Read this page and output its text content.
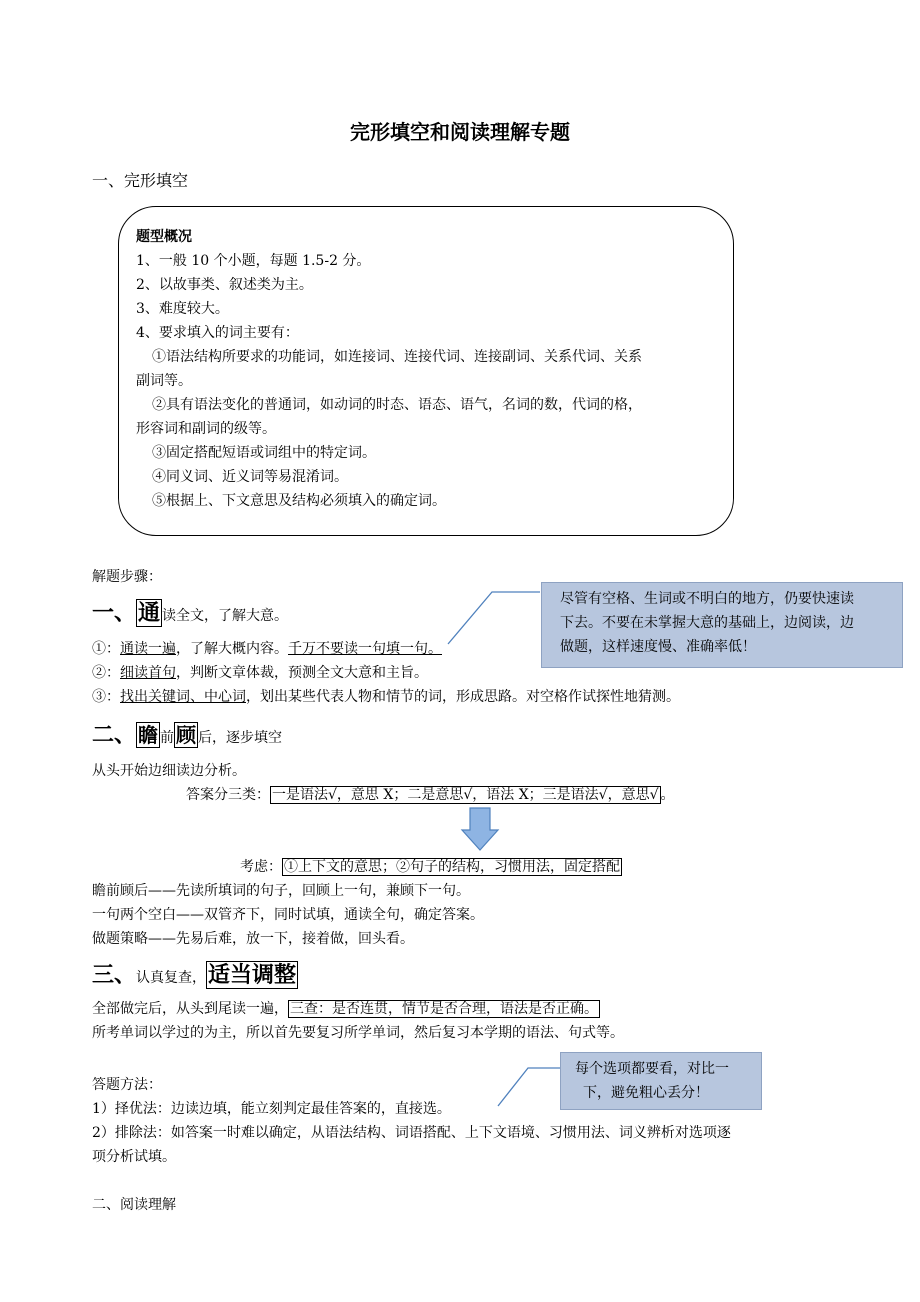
完形填空和阅读理解专题
一、完形填空
题型概况
1、一般 10 个小题，每题 1.5-2 分。
2、以故事类、叙述类为主。
3、难度较大。
4、要求填入的词主要有：
①语法结构所要求的功能词，如连接词、连接代词、连接副词、关系代词、关系
副词等。
②具有语法变化的普通词，如动词的时态、语态、语气，名词的数，代词的格，
形容词和副词的级等。
③固定搭配短语或词组中的特定词。
④同义词、近义词等易混淆词。
⑤根据上、下文意思及结构必须填入的确定词。
解题步骤：
一、通 读全文，了解大意。
①：通读一遍，了解大概内容。千万不要读一句填一句。
②：细读首句，判断文章体裁，预测全文大意和主旨。
③：找出关键词、中心词，划出某些代表人物和情节的词，形成思路。对空格作试探性地猜测。
尽管有空格、生词或不明白的地方，仍要快速读
下去。不要在未掌握大意的基础上，边阅读，边
做题，这样速度慢、准确率低！
二、 瞻 前 顾 后，逐步填空
从头开始边细读边分析。
答案分三类： 一是语法√，意思 X；二是意思√，语法 X；三是语法√，意思√ 。
考虑： ①上下文的意思；②句子的结构，习惯用法，固定搭配
瞻前顾后——先读所填词的句子，回顾上一句，兼顾下一句。
一句两个空白——双管齐下，同时试填，通读全句，确定答案。
做题策略——先易后难，放一下，接着做，回头看。
三、认真复查，适当调整
全部做完后，从头到尾读一遍， 三查：是否连贯，情节是否合理，语法是否正确。
所考单词以学过的为主，所以首先要复习所学单词，然后复习本学期的语法、句式等。
答题方法：
1）择优法：边读边填，能立刻判定最佳答案的，直接选。
2）排除法：如答案一时难以确定，从语法结构、词语搭配、上下文语境、习惯用法、词义辨析对选项逐
项分析试填。
每个选项都要看，对比一
下，避免粗心丢分！
二、阅读理解
